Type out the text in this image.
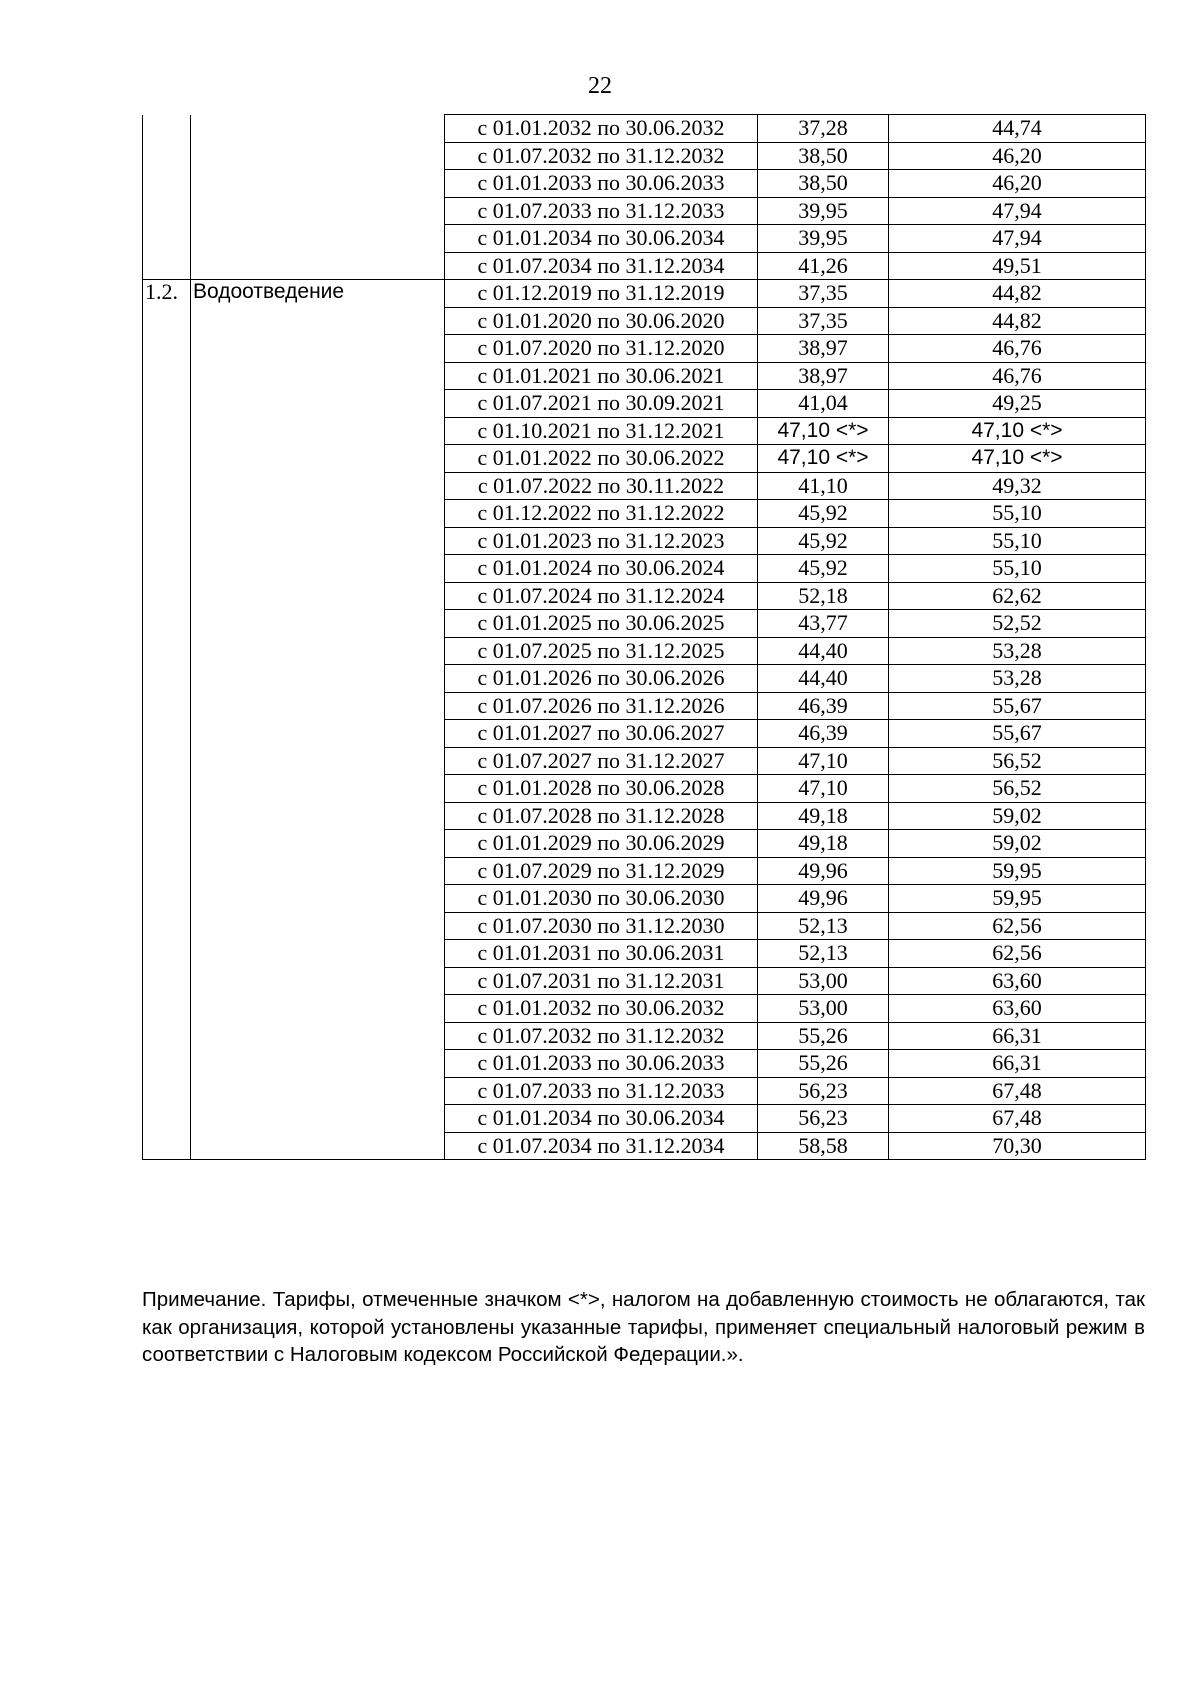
22
		с 01.01.2032 по 30.06.2032	37,28	44,74
		с 01.07.2032 по 31.12.2032	38,50	46,20
		с 01.01.2033 по 30.06.2033	38,50	46,20
		с 01.07.2033 по 31.12.2033	39,95	47,94
		с 01.01.2034 по 30.06.2034	39,95	47,94
		с 01.07.2034 по 31.12.2034	41,26	49,51
1.2.	Водоотведение	с 01.12.2019 по 31.12.2019	37,35	44,82
		с 01.01.2020 по 30.06.2020	37,35	44,82
		с 01.07.2020 по 31.12.2020	38,97	46,76
		с 01.01.2021 по 30.06.2021	38,97	46,76
		с 01.07.2021 по 30.09.2021	41,04	49,25
		с 01.10.2021 по 31.12.2021	47,10 <*>	47,10 <*>
		с 01.01.2022 по 30.06.2022	47,10 <*>	47,10 <*>
		с 01.07.2022 по 30.11.2022	41,10	49,32
		с 01.12.2022 по 31.12.2022	45,92	55,10
		с 01.01.2023 по 31.12.2023	45,92	55,10
		с 01.01.2024 по 30.06.2024	45,92	55,10
		с 01.07.2024 по 31.12.2024	52,18	62,62
		с 01.01.2025 по 30.06.2025	43,77	52,52
		с 01.07.2025 по 31.12.2025	44,40	53,28
		с 01.01.2026 по 30.06.2026	44,40	53,28
		с 01.07.2026 по 31.12.2026	46,39	55,67
		с 01.01.2027 по 30.06.2027	46,39	55,67
		с 01.07.2027 по 31.12.2027	47,10	56,52
		с 01.01.2028 по 30.06.2028	47,10	56,52
		с 01.07.2028 по 31.12.2028	49,18	59,02
		с 01.01.2029 по 30.06.2029	49,18	59,02
		с 01.07.2029 по 31.12.2029	49,96	59,95
		с 01.01.2030 по 30.06.2030	49,96	59,95
		с 01.07.2030 по 31.12.2030	52,13	62,56
		с 01.01.2031 по 30.06.2031	52,13	62,56
		с 01.07.2031 по 31.12.2031	53,00	63,60
		с 01.01.2032 по 30.06.2032	53,00	63,60
		с 01.07.2032 по 31.12.2032	55,26	66,31
		с 01.01.2033 по 30.06.2033	55,26	66,31
		с 01.07.2033 по 31.12.2033	56,23	67,48
		с 01.01.2034 по 30.06.2034	56,23	67,48
		с 01.07.2034 по 31.12.2034	58,58	70,30
Примечание. Тарифы, отмеченные значком <*>, налогом на добавленную стоимость не облагаются, так как организация, которой установлены указанные тарифы, применяет специальный налоговый режим в соответствии с Налоговым кодексом Российской Федерации.».
